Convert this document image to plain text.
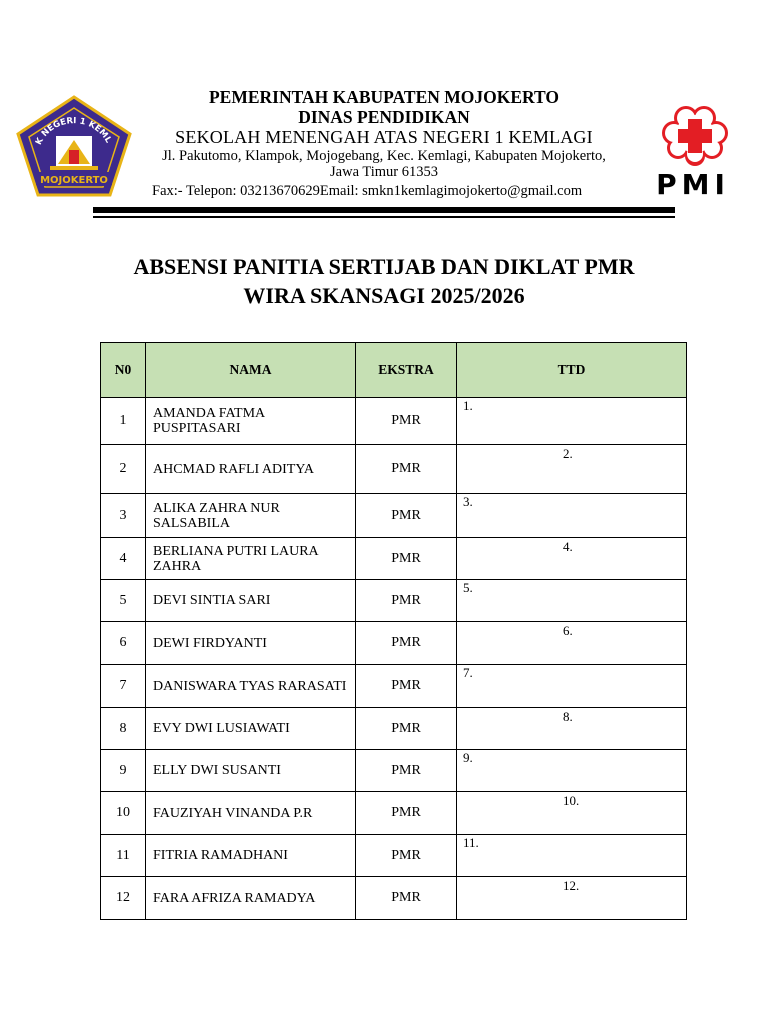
K NEGERI 1 KEML
MOJOKERTO
PEMERINTAH KABUPATEN MOJOKERTO
DINAS PENDIDIKAN
SEKOLAH MENENGAH ATAS NEGERI 1 KEMLAGI
Jl. Pakutomo, Klampok, Mojogebang, Kec. Kemlagi, Kabupaten Mojokerto,
Jawa Timur 61353
Fax:- Telepon: 03213670629Email: smkn1kemlagimojokerto@gmail.com	PMI
ABSENSI PANITIA SERTIJAB DAN DIKLAT PMR
WIRA SKANSAGI 2025/2026
N0	NAMA	EKSTRA	TTD
1	AMANDA FATMA PUSPITASARI	PMR	1.

2	AHCMAD RAFLI ADITYA	PMR	2.

3	ALIKA ZAHRA NUR SALSABILA	PMR	3.

4	BERLIANA PUTRI LAURA ZAHRA	PMR	4.

5	DEVI SINTIA SARI	PMR	5.

6	DEWI FIRDYANTI	PMR	6.

7	DANISWARA TYAS RARASATI	PMR	7.

8	EVY DWI LUSIAWATI	PMR	8.

9	ELLY DWI SUSANTI	PMR	9.

10	FAUZIYAH VINANDA P.R	PMR	10.

11	FITRIA RAMADHANI	PMR	11.

12	FARA AFRIZA RAMADYA	PMR	12.
